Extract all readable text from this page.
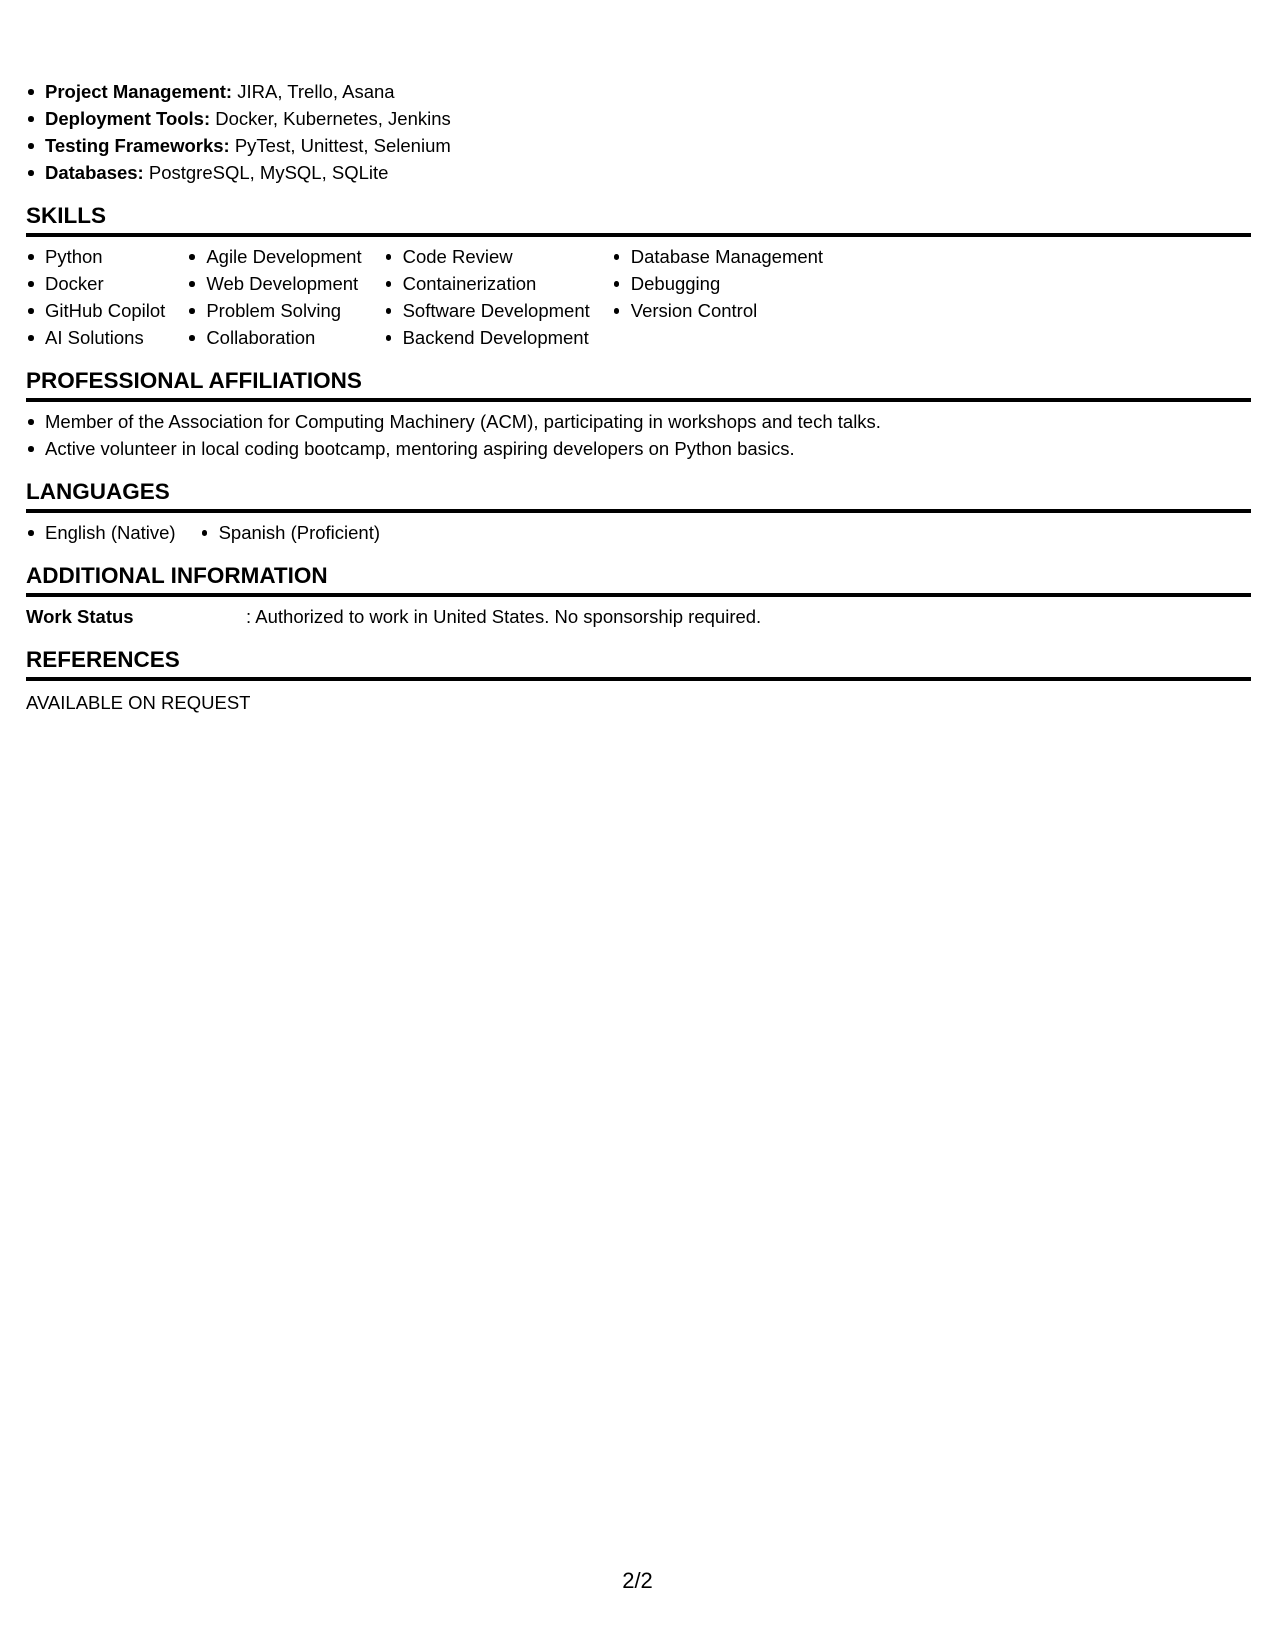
Project Management: JIRA, Trello, Asana
Deployment Tools: Docker, Kubernetes, Jenkins
Testing Frameworks: PyTest, Unittest, Selenium
Databases: PostgreSQL, MySQL, SQLite
SKILLS
Python
Docker
GitHub Copilot
AI Solutions
Agile Development
Web Development
Problem Solving
Collaboration
Code Review
Containerization
Software Development
Backend Development
Database Management
Debugging
Version Control
PROFESSIONAL AFFILIATIONS
Member of the Association for Computing Machinery (ACM), participating in workshops and tech talks.
Active volunteer in local coding bootcamp, mentoring aspiring developers on Python basics.
LANGUAGES
English (Native)	Spanish (Proficient)
ADDITIONAL INFORMATION
Work Status	: Authorized to work in United States. No sponsorship required.
REFERENCES
AVAILABLE ON REQUEST
2/2
